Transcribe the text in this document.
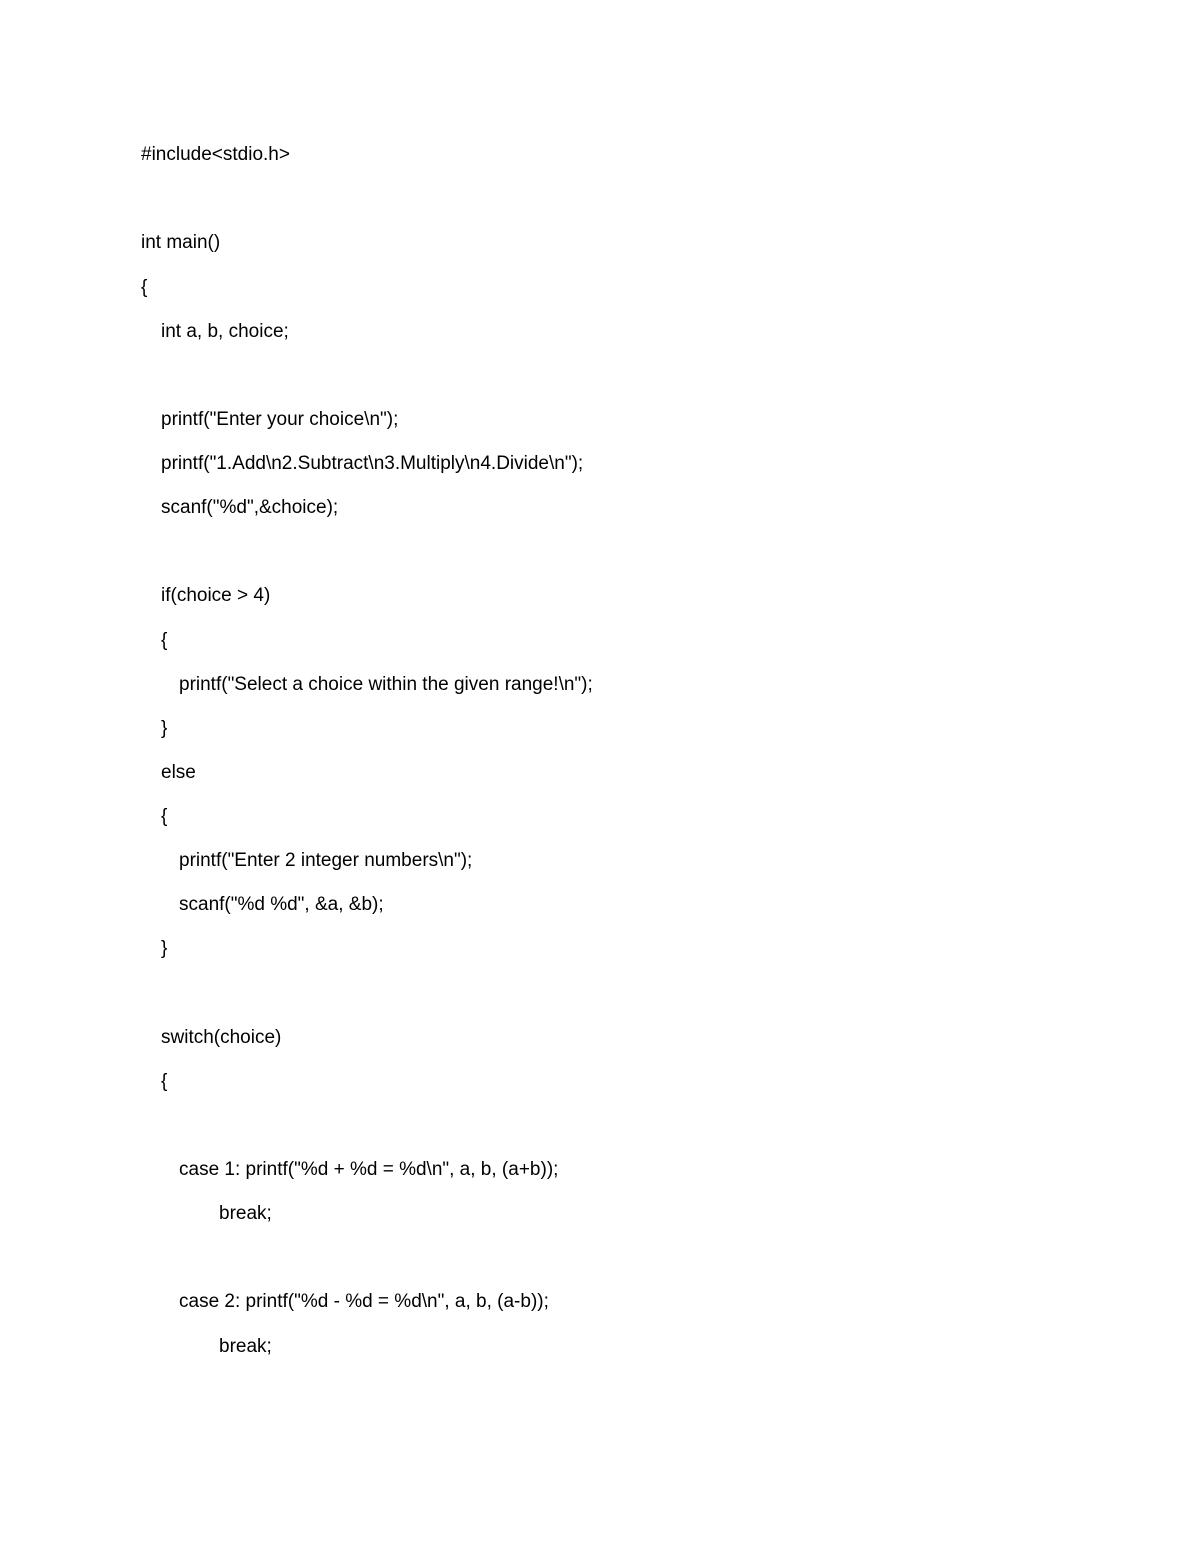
#include<stdio.h>
int main()
{
int a, b, choice;
printf("Enter your choice\n");
printf("1.Add\n2.Subtract\n3.Multiply\n4.Divide\n");
scanf("%d",&choice);
if(choice > 4)
{
printf("Select a choice within the given range!\n");
}
else
{
printf("Enter 2 integer numbers\n");
scanf("%d %d", &a, &b);
}
switch(choice)
{
case 1: printf("%d + %d = %d\n", a, b, (a+b));
break;
case 2: printf("%d - %d = %d\n", a, b, (a-b));
break;
